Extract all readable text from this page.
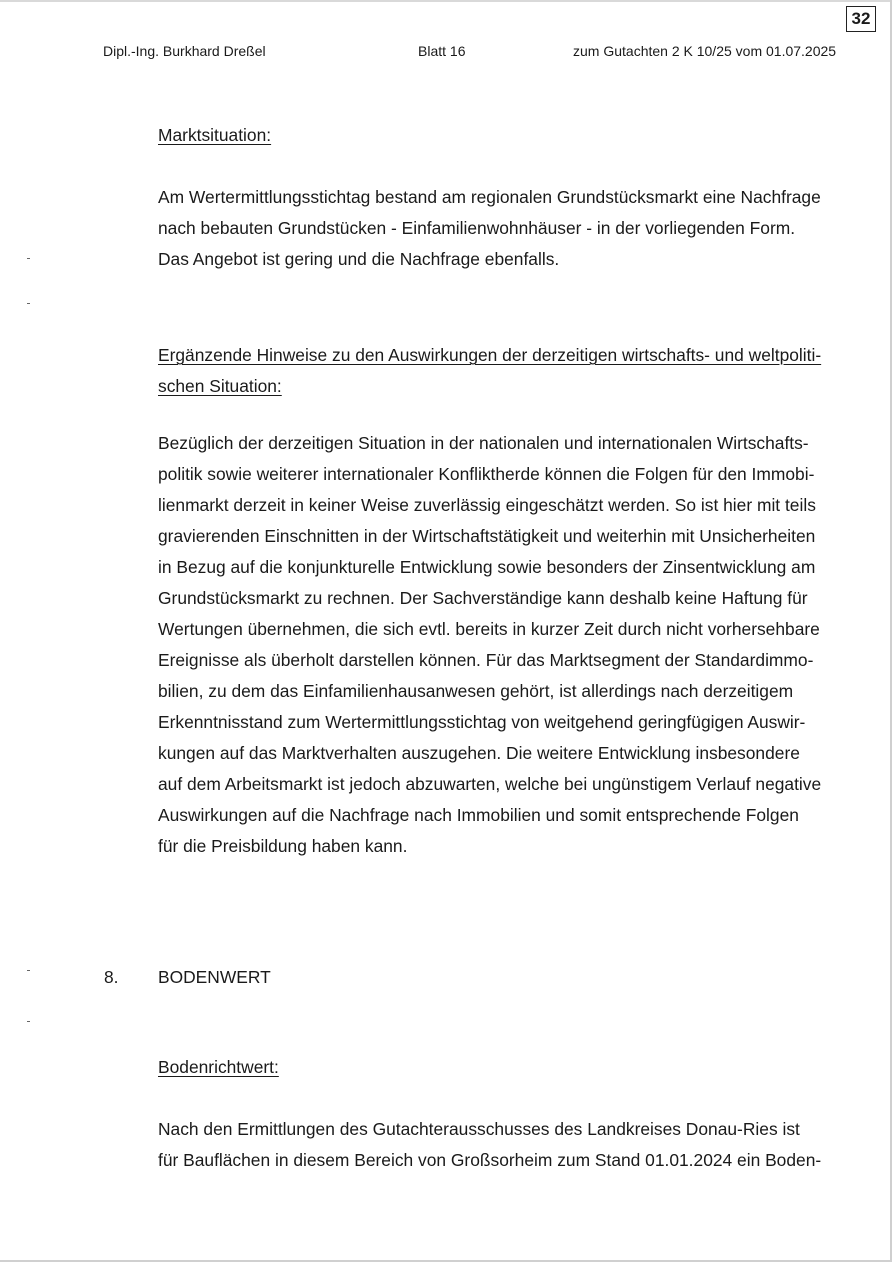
32
Dipl.-Ing. Burkhard Dreßel	Blatt 16	zum Gutachten 2 K 10/25 vom 01.07.2025
Marktsituation:
Am Wertermittlungsstichtag bestand am regionalen Grundstücksmarkt eine Nachfrage
nach bebauten Grundstücken - Einfamilienwohnhäuser - in der vorliegenden Form.
Das Angebot ist gering und die Nachfrage ebenfalls.
Ergänzende Hinweise zu den Auswirkungen der derzeitigen wirtschafts- und weltpoliti-
schen Situation:
Bezüglich der derzeitigen Situation in der nationalen und internationalen Wirtschafts-
politik sowie weiterer internationaler Konfliktherde können die Folgen für den Immobi-
lienmarkt derzeit in keiner Weise zuverlässig eingeschätzt werden. So ist hier mit teils
gravierenden Einschnitten in der Wirtschaftstätigkeit und weiterhin mit Unsicherheiten
in Bezug auf die konjunkturelle Entwicklung sowie besonders der Zinsentwicklung am
Grundstücksmarkt zu rechnen. Der Sachverständige kann deshalb keine Haftung für
Wertungen übernehmen, die sich evtl. bereits in kurzer Zeit durch nicht vorhersehbare
Ereignisse als überholt darstellen können. Für das Marktsegment der Standardimmo-
bilien, zu dem das Einfamilienhausanwesen gehört, ist allerdings nach derzeitigem
Erkenntnisstand zum Wertermittlungsstichtag von weitgehend geringfügigen Auswir-
kungen auf das Marktverhalten auszugehen. Die weitere Entwicklung insbesondere
auf dem Arbeitsmarkt ist jedoch abzuwarten, welche bei ungünstigem Verlauf negative
Auswirkungen auf die Nachfrage nach Immobilien und somit entsprechende Folgen
für die Preisbildung haben kann.
8. BODENWERT
Bodenrichtwert:
Nach den Ermittlungen des Gutachterausschusses des Landkreises Donau-Ries ist
für Bauflächen in diesem Bereich von Großsorheim zum Stand 01.01.2024 ein Boden-
